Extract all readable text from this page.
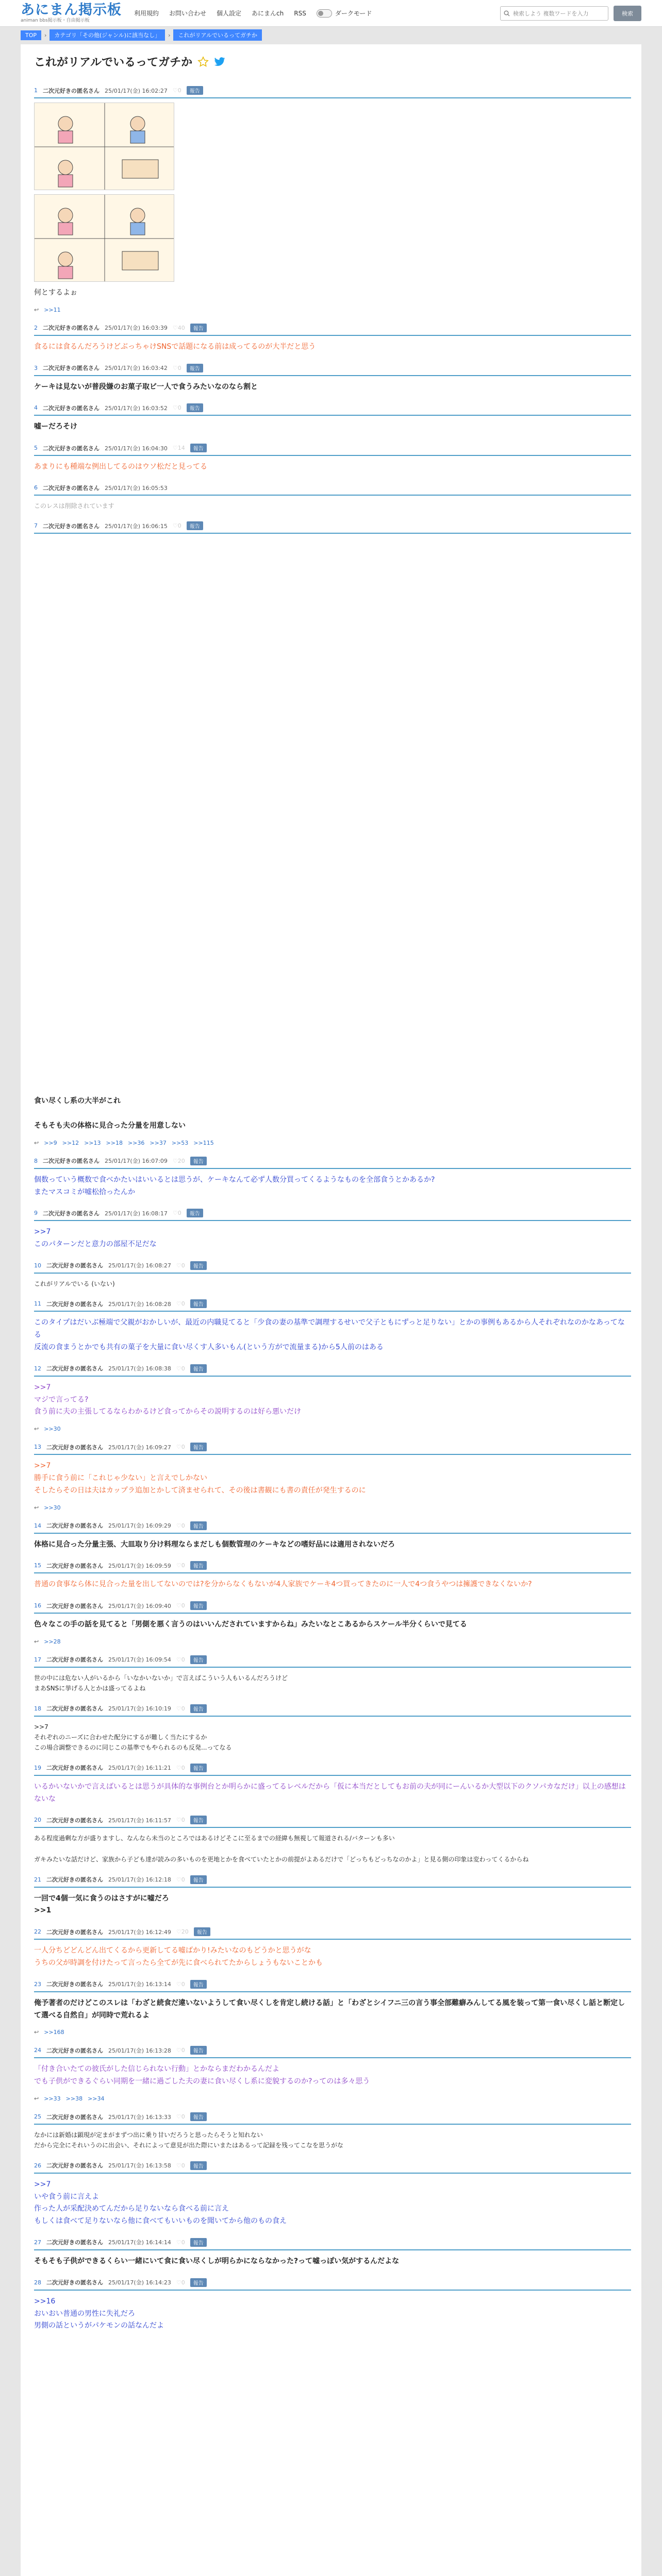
あにまん掲示板
animan bbs掲示板・自由掲示板
利用規約 お問い合わせ 個人設定 あにまんch RSS	ダークモード	検索しよう 複数ワードを入力	検索
TOP	›	カテゴリ「その他(ジャンル)に該当なし」	›	これがリアルでいるってガチか
これがリアルでいるってガチか
1 二次元好きの匿名さん 25/01/17(金) 16:02:27 ♡0	報告
何とするよぉ
↩ >>11
2 二次元好きの匿名さん 25/01/17(金) 16:03:39 ♡40	報告
食るには食るんだろうけどぶっちゃけSNSで話題になる前は成ってるのが大半だと思う
3 二次元好きの匿名さん 25/01/17(金) 16:03:42 ♡0	報告
ケーキは見ないが普段嫌のお菓子取ビ一人で食うみたいなのなら割と
4 二次元好きの匿名さん 25/01/17(金) 16:03:52 ♡0	報告
嘘ーだろそけ
5 二次元好きの匿名さん 25/01/17(金) 16:04:30 ♡14	報告
あまりにも種端な例出してるのはウソ松だと見ってる
6 二次元好きの匿名さん 25/01/17(金) 16:05:53
このレスは削除されています
7 二次元好きの匿名さん 25/01/17(金) 16:06:15 ♡0	報告
食い尽くし系の大半がこれ

そもそも夫の体格に見合った分量を用意しない
↩ >>9 >>12 >>13 >>18 >>36 >>37 >>53 >>115
8 二次元好きの匿名さん 25/01/17(金) 16:07:09 ♡20	報告
個数っていう概数で食べかたいはいいるとは思うが、ケーキなんて必ず人数分買ってくるようなものを全部食うとかあるか?
またマスコミが嘘松拾ったんか
9 二次元好きの匿名さん 25/01/17(金) 16:08:17 ♡0	報告
>>7
このパターンだと意力の部屋不足だな
10 二次元好きの匿名さん 25/01/17(金) 16:08:27 ♡0	報告
これがリアルでいる (いない)
11 二次元好きの匿名さん 25/01/17(金) 16:08:28 ♡0	報告
このタイプはだいぶ極端で父親がおかしいが、最近の内職見てると「少食の妻の基準で調理するせいで父子ともにずっと足りない」とかの事例もあるから人それぞれなのかなあってなる
反流の食まうとかでも共有の菓子を大量に食い尽くす人多いもん(という方がで流量まる)から5人前のはある
12 二次元好きの匿名さん 25/01/17(金) 16:08:38 ♡0	報告
>>7
マジで言ってる?
食う前に夫の主張してるならわかるけど食ってからその説明するのは好ら悪いだけ
↩ >>30
13 二次元好きの匿名さん 25/01/17(金) 16:09:27 ♡0	報告
>>7
勝手に食う前に「これじゃ少ない」と言えでしかない
そしたらその日は夫はカップラ追加とかして済ませられて、その後は書観にも書の責任が発生するのに
↩ >>30
14 二次元好きの匿名さん 25/01/17(金) 16:09:29 ♡0	報告
体格に見合った分量主張、大皿取り分け料理ならまだしも個数管理のケーキなどの嗜好品には適用されないだろ
15 二次元好きの匿名さん 25/01/17(金) 16:09:59 ♡0	報告
普通の食事なら体に見合った量を出してないのでは?を分からなくもないが4人家族でケーキ4つ買ってきたのに一人で4つ食うやつは擁護できなくないか?
16 二次元好きの匿名さん 25/01/17(金) 16:09:40 ♡0	報告
色々なこの手の話を見てると「男側を悪く言うのはいいんだされていますからね」みたいなとこあるからスケール半分くらいで見てる
↩ >>28
17 二次元好きの匿名さん 25/01/17(金) 16:09:54 ♡0	報告
世の中には危ない人がいるから「いなかいないか」で言えばこういう人もいるんだろうけど
まあSNSに挙げる人とかは盛ってるよね
18 二次元好きの匿名さん 25/01/17(金) 16:10:19 ♡0	報告
>>7
それぞれのニーズに合わせた配分にするが難しく当たにするか
この場合調整できるのに同じこの基準でもやられるのも反発...ってなる
19 二次元好きの匿名さん 25/01/17(金) 16:11:21 ♡0	報告
いるかいないかで言えばいるとは思うが具体的な事例台とか明らかに盛ってるレベルだから「仮に本当だとしてもお前の夫が同にーんいるか大型以下のクソパカなだけ」以上の感想はないな
20 二次元好きの匿名さん 25/01/17(金) 16:11:57 ♡0	報告
ある程度過剰な方が盛りますし、なんなら未当のところではあるけどそこに至るまでの経緯も無視して報道される/バターンも多い

ガキみたいな話だけど、家族から子ども達が読みの多いものを更地とかを食べていたとかの前提がよあるだけで「どっちもどっちなのかよ」と見る側の印象は変わってくるからね
21 二次元好きの匿名さん 25/01/17(金) 16:12:18 ♡0	報告
一回で4個一気に食うのはさすがに嘘だろ
>>1
22 二次元好きの匿名さん 25/01/17(金) 16:12:49 ♡20	報告
一人分ちどどんどん出てくるから更新してる嘘ばかり!みたいなのもどうかと思うがな
うちの父が時調を付けたって言ったら全てが先に食べられてたからしょうもないことかも
23 二次元好きの匿名さん 25/01/17(金) 16:13:14 ♡0	報告
俺予著者のだけどこのスレは「わざと続食だ違いないようして食い尽くしを肯定し続ける話」と「わざとシイフニ三の言う事全部難癖みんしてる風を装って第一食い尽くし話と断定して選べる自然自」が同時で荒れるよ
↩ >>168
24 二次元好きの匿名さん 25/01/17(金) 16:13:28 ♡0	報告
「付き合いたての彼氏がした信じられない行動」とかならまだわかるんだよ
でも子供ができるぐらい同期を一緒に過ごした夫の妻に食い尽くし系に変貌するのか?ってのは多々思う
↩ >>33 >>38 >>34
25 二次元好きの匿名さん 25/01/17(金) 16:13:33 ♡0	報告
なかには新婚は顕現が定まがまずつ出に乗り甘いだろうと思ったらそうと知れない
だから完全にそれいうのに出会い、それによって意見が出た際にいまたはあるって記録を残ってこなを思うがな
26 二次元好きの匿名さん 25/01/17(金) 16:13:58 ♡0	報告
>>7
いや食う前に言えよ
作った人が采配決めてんだから足りないなら食べる前に言え
もしくは食べて足りないなら他に食べてもいいものを聞いてから他のもの食え
27 二次元好きの匿名さん 25/01/17(金) 16:14:14 ♡0	報告
そもそも子供ができるくらい一緒にいて食に食い尽くしが明らかにならなかった?って嘘っぽい気がするんだよな
28 二次元好きの匿名さん 25/01/17(金) 16:14:23 ♡0	報告
>>16
おいおい普通の男性に失礼だろ
男側の話というがパケモンの話なんだよ
